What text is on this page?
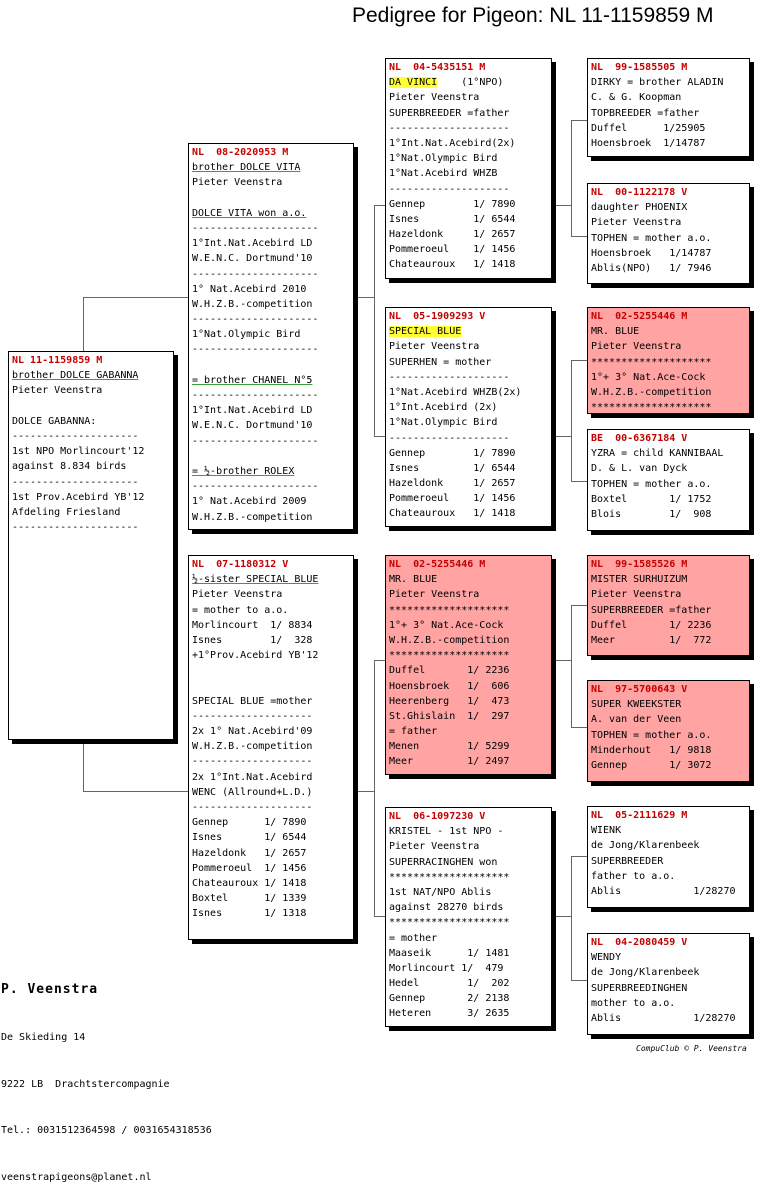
Pedigree for Pigeon: NL 11-1159859 M
NL 11-1159859 M
brother DOLCE GABANNA
Pieter Veenstra
DOLCE GABANNA:
---------------------
1st NPO Morlincourt'12
against 8.834 birds
---------------------
1st Prov.Acebird YB'12
Afdeling Friesland
---------------------
NL  08-2020953 M
brother DOLCE VITA
Pieter Veenstra
DOLCE VITA won a.o.
---------------------
1°Int.Nat.Acebird LD
W.E.N.C. Dortmund'10
---------------------
1° Nat.Acebird 2010
W.H.Z.B.-competition
---------------------
1°Nat.Olympic Bird
---------------------
= brother CHANEL N°5
---------------------
1°Int.Nat.Acebird LD
W.E.N.C. Dortmund'10
---------------------
= ½-brother ROLEX
---------------------
1° Nat.Acebird 2009
W.H.Z.B.-competition
NL  07-1180312 V
½-sister SPECIAL BLUE
Pieter Veenstra
= mother to a.o.
Morlincourt  1/ 8834
Isnes        1/  328
+1°Prov.Acebird YB'12
SPECIAL BLUE =mother
--------------------
2x 1° Nat.Acebird'09
W.H.Z.B.-competition
--------------------
2x 1°Int.Nat.Acebird
WENC (Allround+L.D.)
--------------------
Gennep      1/ 7890
Isnes       1/ 6544
Hazeldonk   1/ 2657
Pommeroeul  1/ 1456
Chateauroux 1/ 1418
Boxtel      1/ 1339
Isnes       1/ 1318
NL  04-5435151 M
DA VINCI    (1°NPO)
Pieter Veenstra
SUPERBREEDER =father
--------------------
1°Int.Nat.Acebird(2x)
1°Nat.Olympic Bird
1°Nat.Acebird WHZB
--------------------
Gennep        1/ 7890
Isnes         1/ 6544
Hazeldonk     1/ 2657
Pommeroeul    1/ 1456
Chateauroux   1/ 1418
NL  05-1909293 V
SPECIAL BLUE
Pieter Veenstra
SUPERHEN = mother
--------------------
1°Nat.Acebird WHZB(2x)
1°Int.Acebird (2x)
1°Nat.Olympic Bird
--------------------
Gennep        1/ 7890
Isnes         1/ 6544
Hazeldonk     1/ 2657
Pommeroeul    1/ 1456
Chateauroux   1/ 1418
NL  02-5255446 M
MR. BLUE
Pieter Veenstra
********************
1°+ 3° Nat.Ace-Cock
W.H.Z.B.-competition
********************
Duffel       1/ 2236
Hoensbroek   1/  606
Heerenberg   1/  473
St.Ghislain  1/  297
= father
Menen        1/ 5299
Meer         1/ 2497
NL  06-1097230 V
KRISTEL - 1st NPO -
Pieter Veenstra
SUPERRACINGHEN won
********************
1st NAT/NPO Ablis
against 28270 birds
********************
= mother
Maaseik      1/ 1481
Morlincourt 1/  479
Hedel        1/  202
Gennep       2/ 2138
Heteren      3/ 2635
NL  99-1585505 M
DIRKY = brother ALADIN
C. & G. Koopman
TOPBREEDER =father
Duffel      1/25905
Hoensbroek  1/14787
NL  00-1122178 V
daughter PHOENIX
Pieter Veenstra
TOPHEN = mother a.o.
Hoensbroek   1/14787
Ablis(NPO)   1/ 7946
NL  02-5255446 M
MR. BLUE
Pieter Veenstra
********************
1°+ 3° Nat.Ace-Cock
W.H.Z.B.-competition
********************
BE  00-6367184 V
YZRA = child KANNIBAAL
D. & L. van Dyck
TOPHEN = mother a.o.
Boxtel       1/ 1752
Blois        1/  908
NL  99-1585526 M
MISTER SURHUIZUM
Pieter Veenstra
SUPERBREEDER =father
Duffel       1/ 2236
Meer         1/  772
NL  97-5700643 V
SUPER KWEEKSTER
A. van der Veen
TOPHEN = mother a.o.
Minderhout   1/ 9818
Gennep       1/ 3072
NL  05-2111629 M
WIENK
de Jong/Klarenbeek
SUPERBREEDER
father to a.o.
Ablis            1/28270
NL  04-2080459 V
WENDY
de Jong/Klarenbeek
SUPERBREEDINGHEN
mother to a.o.
Ablis            1/28270

P. Veenstra

De Skieding 14

9222 LB  Drachtstercompagnie

Tel.: 0031512364598 / 0031654318536

veenstrapigeons@planet.nl

CompuClub © P. Veenstra
